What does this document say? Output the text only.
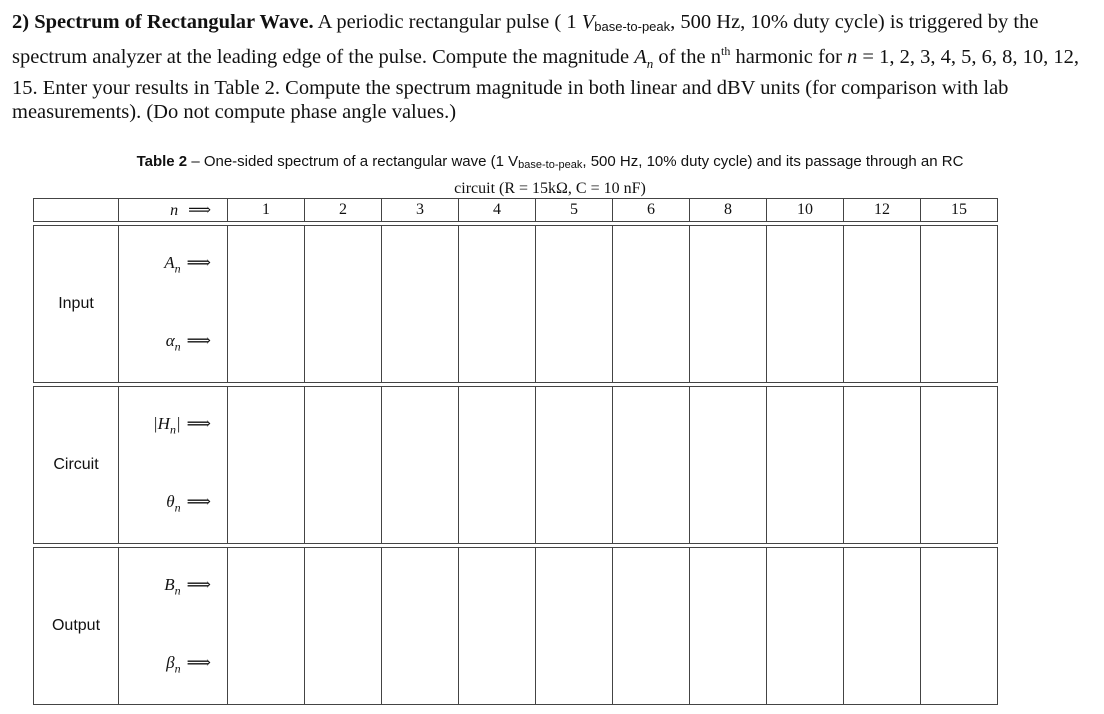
2) Spectrum of Rectangular Wave. A periodic rectangular pulse ( 1 $V_{base-to-peak}$, 500 Hz, 10% duty cycle) is triggered by the spectrum analyzer at the leading edge of the pulse. Compute the magnitude $A_n$ of the $n^{th}$ harmonic for n = 1, 2, 3, 4, 5, 6, 8, 10, 12, 15. Enter your results in Table 2. Compute the spectrum magnitude in both linear and dBV units (for comparison with lab measurements). (Do not compute phase angle values.)
Table 2 – One-sided spectrum of a rectangular wave (1 Vbase-to-peak, 500 Hz, 10% duty cycle) and its passage through an RC
circuit (R = 15kΩ, C = 10 nF)
	n ⟹	1	2	3	4	5	6	8	10	12	15

Input	$A_n$ ⟹
$\alpha_n$ ⟹										

Circuit	$|H_n|$ ⟹
$\theta_n$ ⟹										

Output	$B_n$ ⟹
$\beta_n$ ⟹										
